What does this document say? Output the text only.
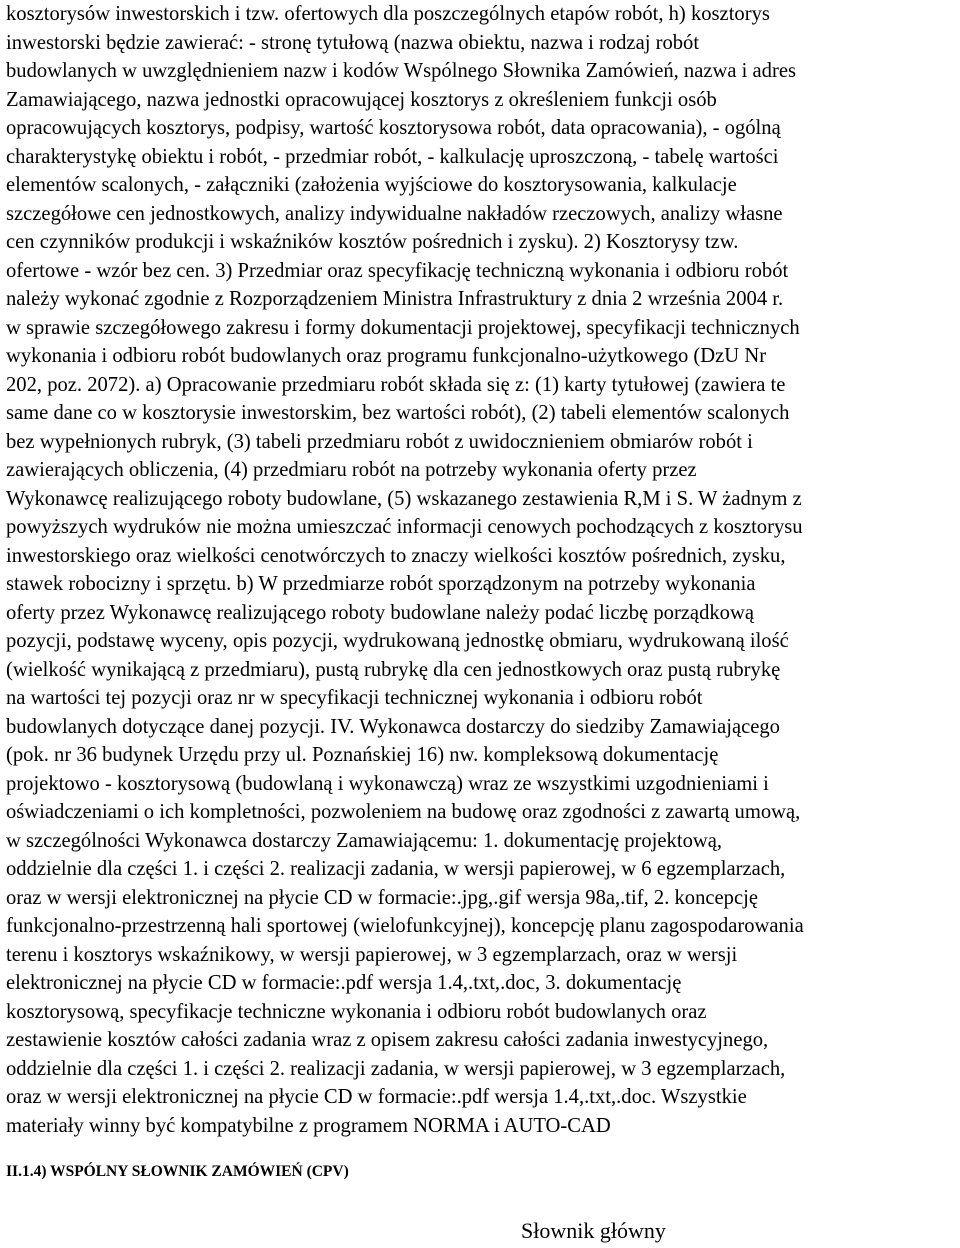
kosztorysów inwestorskich i tzw. ofertowych dla poszczególnych etapów robót, h) kosztorys
inwestorski będzie zawierać: - stronę tytułową (nazwa obiektu, nazwa i rodzaj robót
budowlanych w uwzględnieniem nazw i kodów Wspólnego Słownika Zamówień, nazwa i adres
Zamawiającego, nazwa jednostki opracowującej kosztorys z określeniem funkcji osób
opracowujących kosztorys, podpisy, wartość kosztorysowa robót, data opracowania), - ogólną
charakterystykę obiektu i robót, - przedmiar robót, - kalkulację uproszczoną, - tabelę wartości
elementów scalonych, - załączniki (założenia wyjściowe do kosztorysowania, kalkulacje
szczegółowe cen jednostkowych, analizy indywidualne nakładów rzeczowych, analizy własne
cen czynników produkcji i wskaźników kosztów pośrednich i zysku). 2) Kosztorysy tzw.
ofertowe - wzór bez cen. 3) Przedmiar oraz specyfikację techniczną wykonania i odbioru robót
należy wykonać zgodnie z Rozporządzeniem Ministra Infrastruktury z dnia 2 września 2004 r.
w sprawie szczegółowego zakresu i formy dokumentacji projektowej, specyfikacji technicznych
wykonania i odbioru robót budowlanych oraz programu funkcjonalno-użytkowego (DzU Nr
202, poz. 2072). a) Opracowanie przedmiaru robót składa się z: (1) karty tytułowej (zawiera te
same dane co w kosztorysie inwestorskim, bez wartości robót), (2) tabeli elementów scalonych
bez wypełnionych rubryk, (3) tabeli przedmiaru robót z uwidocznieniem obmiarów robót i
zawierających obliczenia, (4) przedmiaru robót na potrzeby wykonania oferty przez
Wykonawcę realizującego roboty budowlane, (5) wskazanego zestawienia R,M i S. W żadnym z
powyższych wydruków nie można umieszczać informacji cenowych pochodzących z kosztorysu
inwestorskiego oraz wielkości cenotwórczych to znaczy wielkości kosztów pośrednich, zysku,
stawek robocizny i sprzętu. b) W przedmiarze robót sporządzonym na potrzeby wykonania
oferty przez Wykonawcę realizującego roboty budowlane należy podać liczbę porządkową
pozycji, podstawę wyceny, opis pozycji, wydrukowaną jednostkę obmiaru, wydrukowaną ilość
(wielkość wynikającą z przedmiaru), pustą rubrykę dla cen jednostkowych oraz pustą rubrykę
na wartości tej pozycji oraz nr w specyfikacji technicznej wykonania i odbioru robót
budowlanych dotyczące danej pozycji. IV. Wykonawca dostarczy do siedziby Zamawiającego
(pok. nr 36 budynek Urzędu przy ul. Poznańskiej 16) nw. kompleksową dokumentację
projektowo - kosztorysową (budowlaną i wykonawczą) wraz ze wszystkimi uzgodnieniami i
oświadczeniami o ich kompletności, pozwoleniem na budowę oraz zgodności z zawartą umową,
w szczególności Wykonawca dostarczy Zamawiającemu: 1. dokumentację projektową,
oddzielnie dla części 1. i części 2. realizacji zadania, w wersji papierowej, w 6 egzemplarzach,
oraz w wersji elektronicznej na płycie CD w formacie:.jpg,.gif wersja 98a,.tif, 2. koncepcję
funkcjonalno-przestrzenną hali sportowej (wielofunkcyjnej), koncepcję planu zagospodarowania
terenu i kosztorys wskaźnikowy, w wersji papierowej, w 3 egzemplarzach, oraz w wersji
elektronicznej na płycie CD w formacie:.pdf wersja 1.4,.txt,.doc, 3. dokumentację
kosztorysową, specyfikacje techniczne wykonania i odbioru robót budowlanych oraz
zestawienie kosztów całości zadania wraz z opisem zakresu całości zadania inwestycyjnego,
oddzielnie dla części 1. i części 2. realizacji zadania, w wersji papierowej, w 3 egzemplarzach,
oraz w wersji elektronicznej na płycie CD w formacie:.pdf wersja 1.4,.txt,.doc. Wszystkie
materiały winny być kompatybilne z programem NORMA i AUTO-CAD
II.1.4) WSPÓLNY SŁOWNIK ZAMÓWIEŃ (CPV)
Słownik główny
